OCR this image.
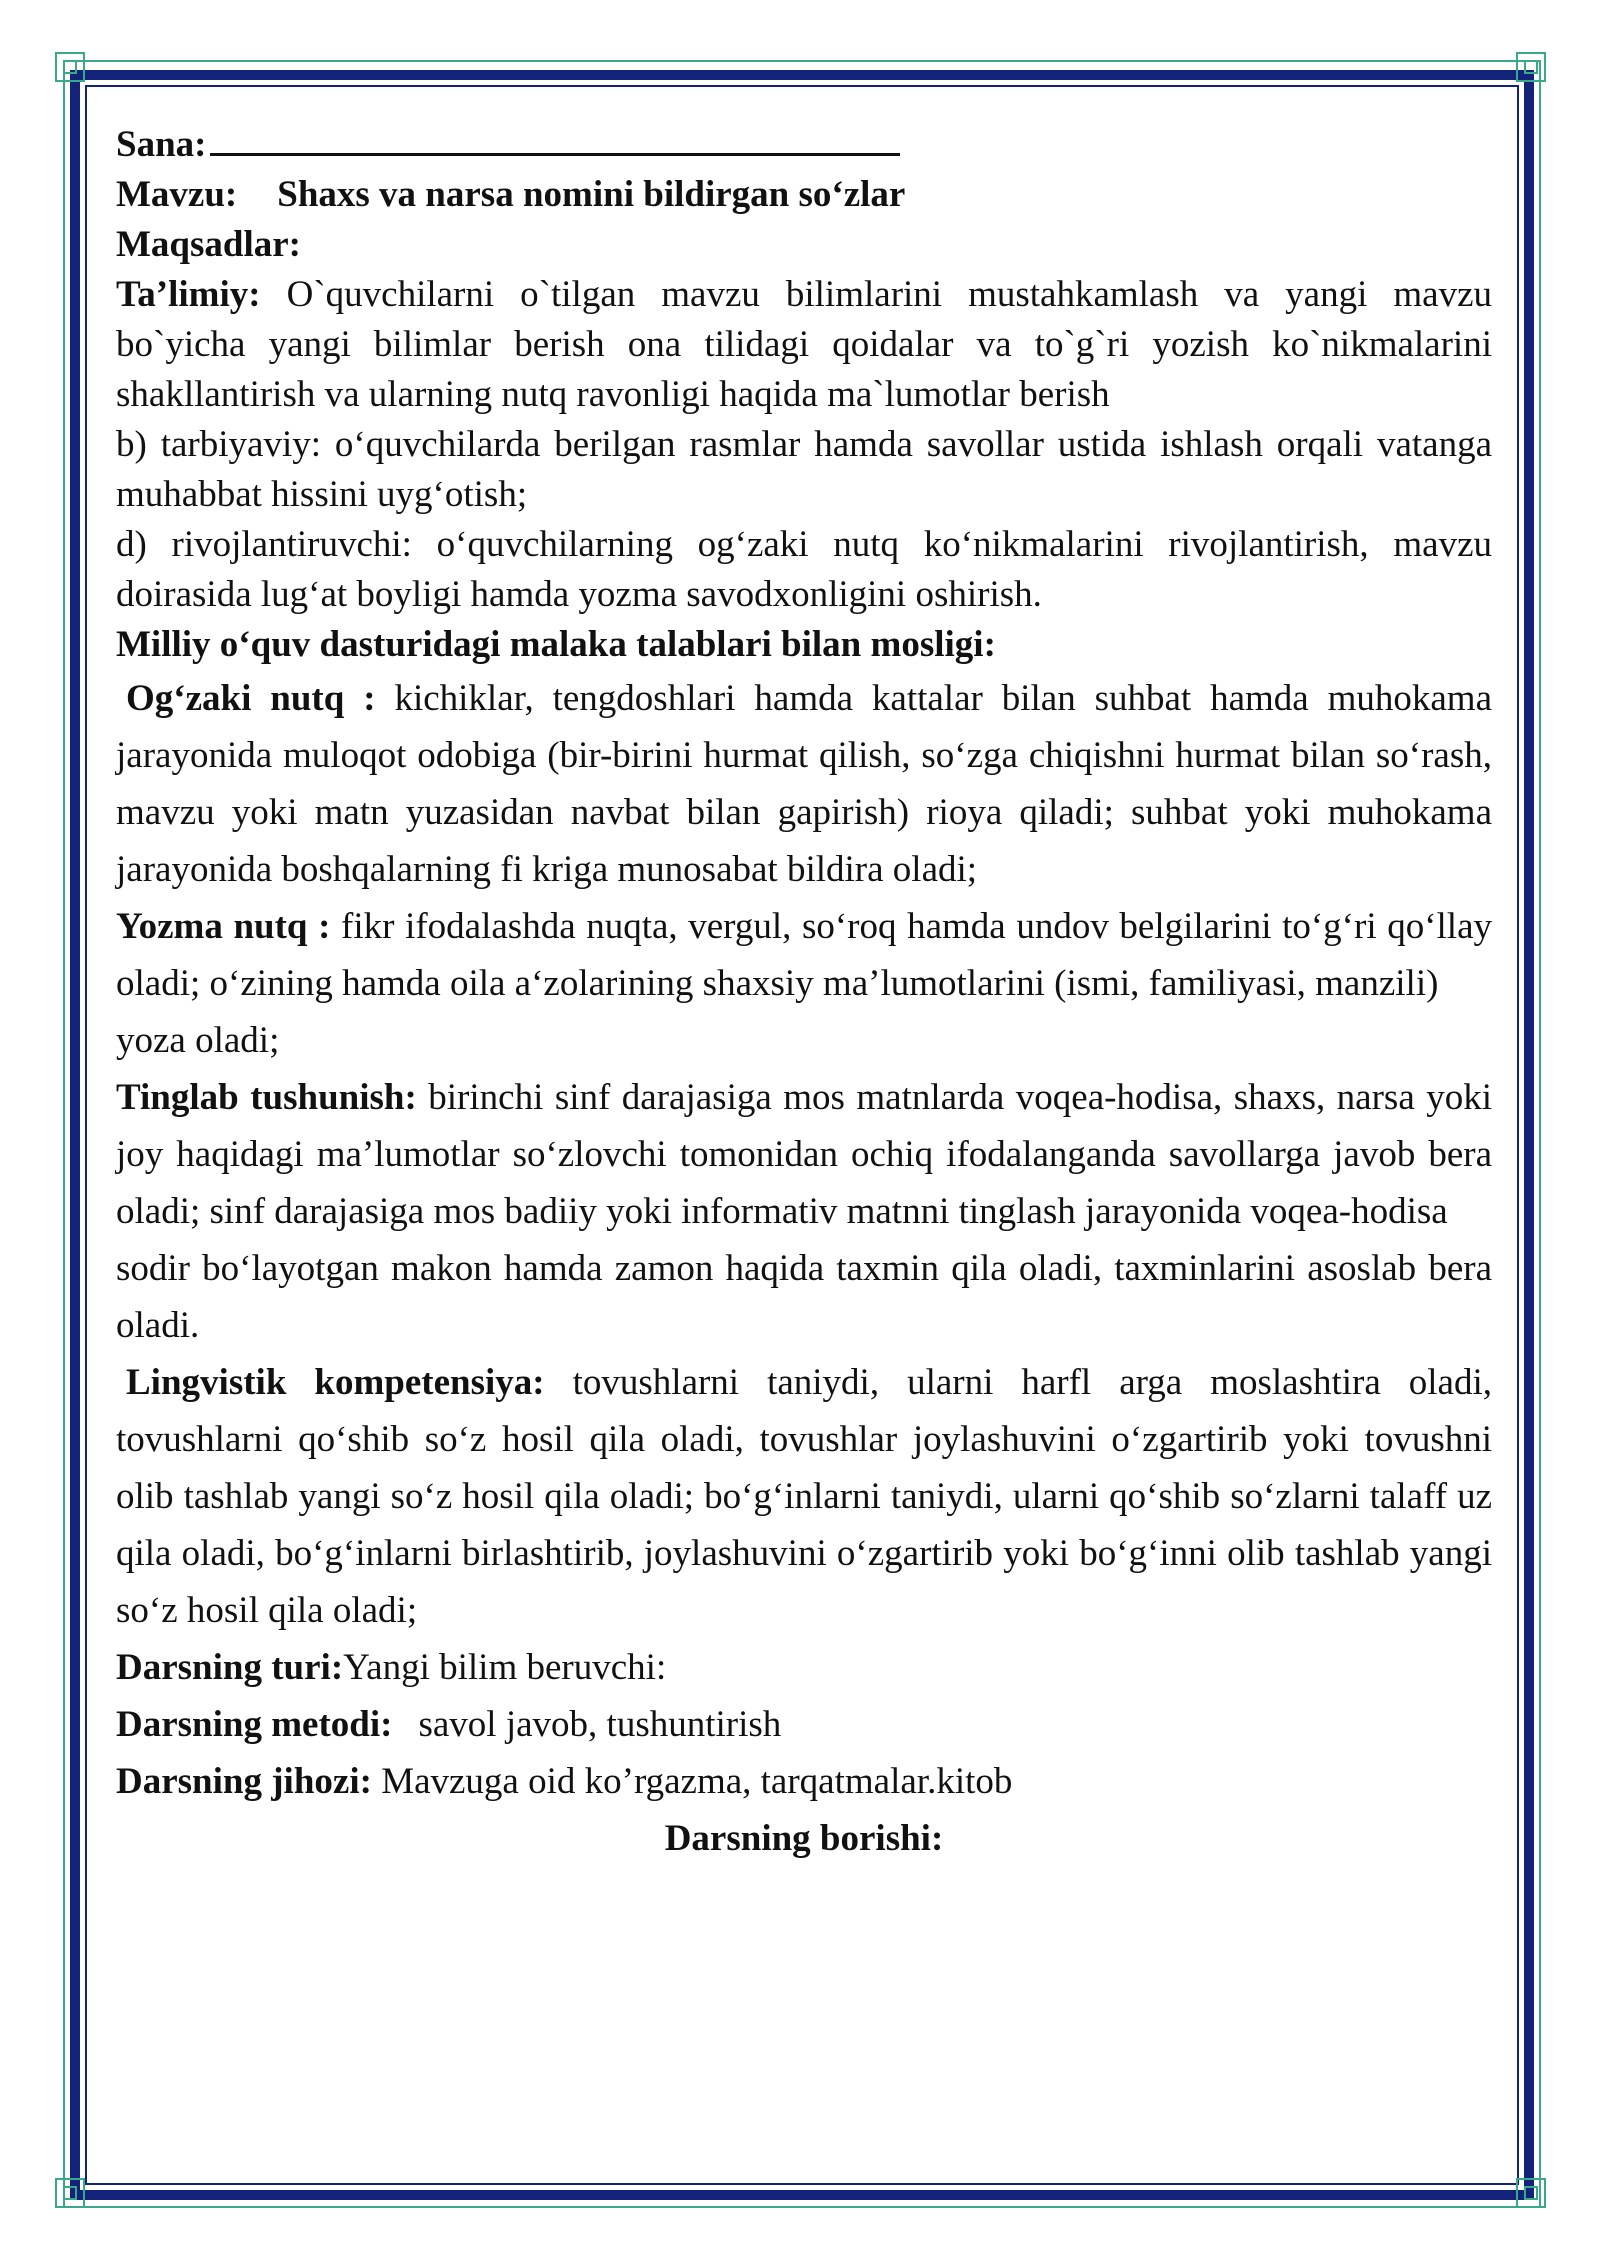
Sana:

Mavzu: Shaxs va narsa nomini bildirgan so‘zlar

Maqsadlar:

Ta’limiy: O`quvchilarni o`tilgan mavzu bilimlarini mustahkamlash va yangi mavzu bo`yicha yangi bilimlar berish ona tilidagi qoidalar va to`g`ri yozish ko`nikmalarini shakllantirish va ularning nutq ravonligi haqida ma`lumotlar berish

b) tarbiyaviy: o‘quvchilarda berilgan rasmlar hamda savollar ustida ishlash orqali vatanga muhabbat hissini uyg‘otish;

d) rivojlantiruvchi: o‘quvchilarning og‘zaki nutq ko‘nikmalarini rivojlantirish, mavzu doirasida lug‘at boyligi hamda yozma savodxonligini oshirish.

Milliy o‘quv dasturidagi malaka talablari bilan mosligi:

Og‘zaki nutq : kichiklar, tengdoshlari hamda kattalar bilan suhbat hamda muhokama jarayonida muloqot odobiga (bir-birini hurmat qilish, so‘zga chiqishni hurmat bilan so‘rash, mavzu yoki matn yuzasidan navbat bilan gapirish) rioya qiladi; suhbat yoki muhokama jarayonida boshqalarning fi kriga munosabat bildira oladi;

Yozma nutq : fikr ifodalashda nuqta, vergul, so‘roq hamda undov belgilarini to‘g‘ri qo‘llay oladi; o‘zining hamda oila a‘zolarining shaxsiy ma’lumotlarini (ismi, familiyasi, manzili)

yoza oladi;

Tinglab tushunish: birinchi sinf darajasiga mos matnlarda voqea-hodisa, shaxs, narsa yoki joy haqidagi ma’lumotlar so‘zlovchi tomonidan ochiq ifodalanganda savollarga javob bera oladi; sinf darajasiga mos badiiy yoki informativ matnni tinglash jarayonida voqea-hodisa

sodir bo‘layotgan makon hamda zamon haqida taxmin qila oladi, taxminlarini asoslab bera oladi.

Lingvistik kompetensiya: tovushlarni taniydi, ularni harfl arga moslashtira oladi, tovushlarni qo‘shib so‘z hosil qila oladi, tovushlar joylashuvini o‘zgartirib yoki tovushni olib tashlab yangi so‘z hosil qila oladi; bo‘g‘inlarni taniydi, ularni qo‘shib so‘zlarni talaff uz qila oladi, bo‘g‘inlarni birlashtirib, joylashuvini o‘zgartirib yoki bo‘g‘inni olib tashlab yangi so‘z hosil qila oladi;

Darsning turi:Yangi bilim beruvchi:

Darsning metodi: savol javob, tushuntirish

Darsning jihozi: Mavzuga oid ko’rgazma, tarqatmalar.kitob

Darsning borishi:
